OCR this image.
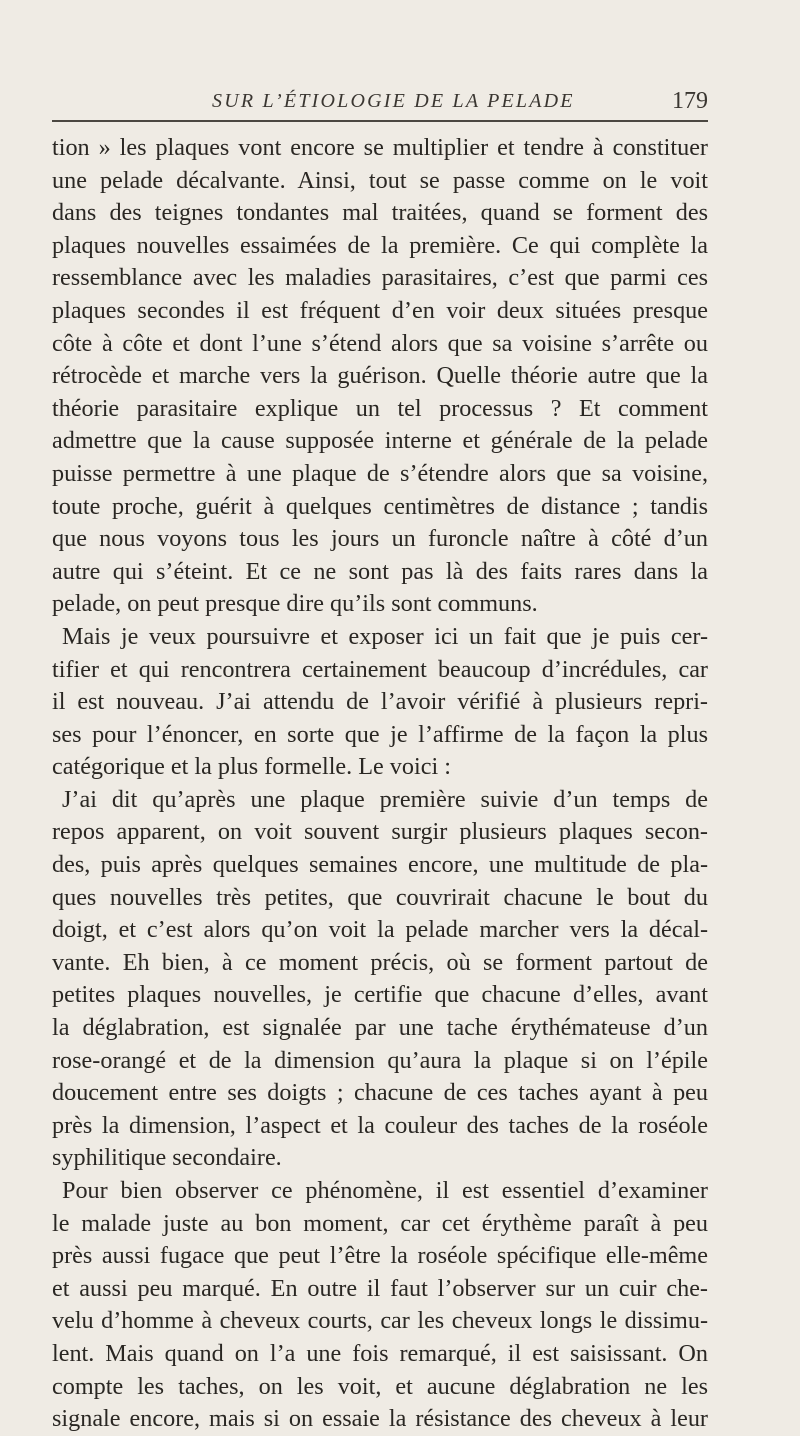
SUR L’ÉTIOLOGIE DE LA PELADE	179
tion » les plaques vont encore se multiplier et tendre à constituer
une pelade décalvante. Ainsi, tout se passe comme on le voit
dans des teignes tondantes mal traitées, quand se forment des
plaques nouvelles essaimées de la première. Ce qui complète la
ressemblance avec les maladies parasitaires, c’est que parmi ces
plaques secondes il est fréquent d’en voir deux situées presque
côte à côte et dont l’une s’étend alors que sa voisine s’arrête ou
rétrocède et marche vers la guérison. Quelle théorie autre que la
théorie parasitaire explique un tel processus ? Et comment
admettre que la cause supposée interne et générale de la pelade
puisse permettre à une plaque de s’étendre alors que sa voisine,
toute proche, guérit à quelques centimètres de distance ; tandis
que nous voyons tous les jours un furoncle naître à côté d’un
autre qui s’éteint. Et ce ne sont pas là des faits rares dans la
pelade, on peut presque dire qu’ils sont communs.
Mais je veux poursuivre et exposer ici un fait que je puis cer-
tifier et qui rencontrera certainement beaucoup d’incrédules, car
il est nouveau. J’ai attendu de l’avoir vérifié à plusieurs repri-
ses pour l’énoncer, en sorte que je l’affirme de la façon la plus
catégorique et la plus formelle. Le voici :
J’ai dit qu’après une plaque première suivie d’un temps de
repos apparent, on voit souvent surgir plusieurs plaques secon-
des, puis après quelques semaines encore, une multitude de pla-
ques nouvelles très petites, que couvrirait chacune le bout du
doigt, et c’est alors qu’on voit la pelade marcher vers la décal-
vante. Eh bien, à ce moment précis, où se forment partout de
petites plaques nouvelles, je certifie que chacune d’elles, avant
la déglabration, est signalée par une tache érythémateuse d’un
rose-orangé et de la dimension qu’aura la plaque si on l’épile
doucement entre ses doigts ; chacune de ces taches ayant à peu
près la dimension, l’aspect et la couleur des taches de la roséole
syphilitique secondaire.
Pour bien observer ce phénomène, il est essentiel d’examiner
le malade juste au bon moment, car cet érythème paraît à peu
près aussi fugace que peut l’être la roséole spécifique elle-même
et aussi peu marqué. En outre il faut l’observer sur un cuir che-
velu d’homme à cheveux courts, car les cheveux longs le dissimu-
lent. Mais quand on l’a une fois remarqué, il est saisissant. On
compte les taches, on les voit, et aucune déglabration ne les
signale encore, mais si on essaie la résistance des cheveux à leur
